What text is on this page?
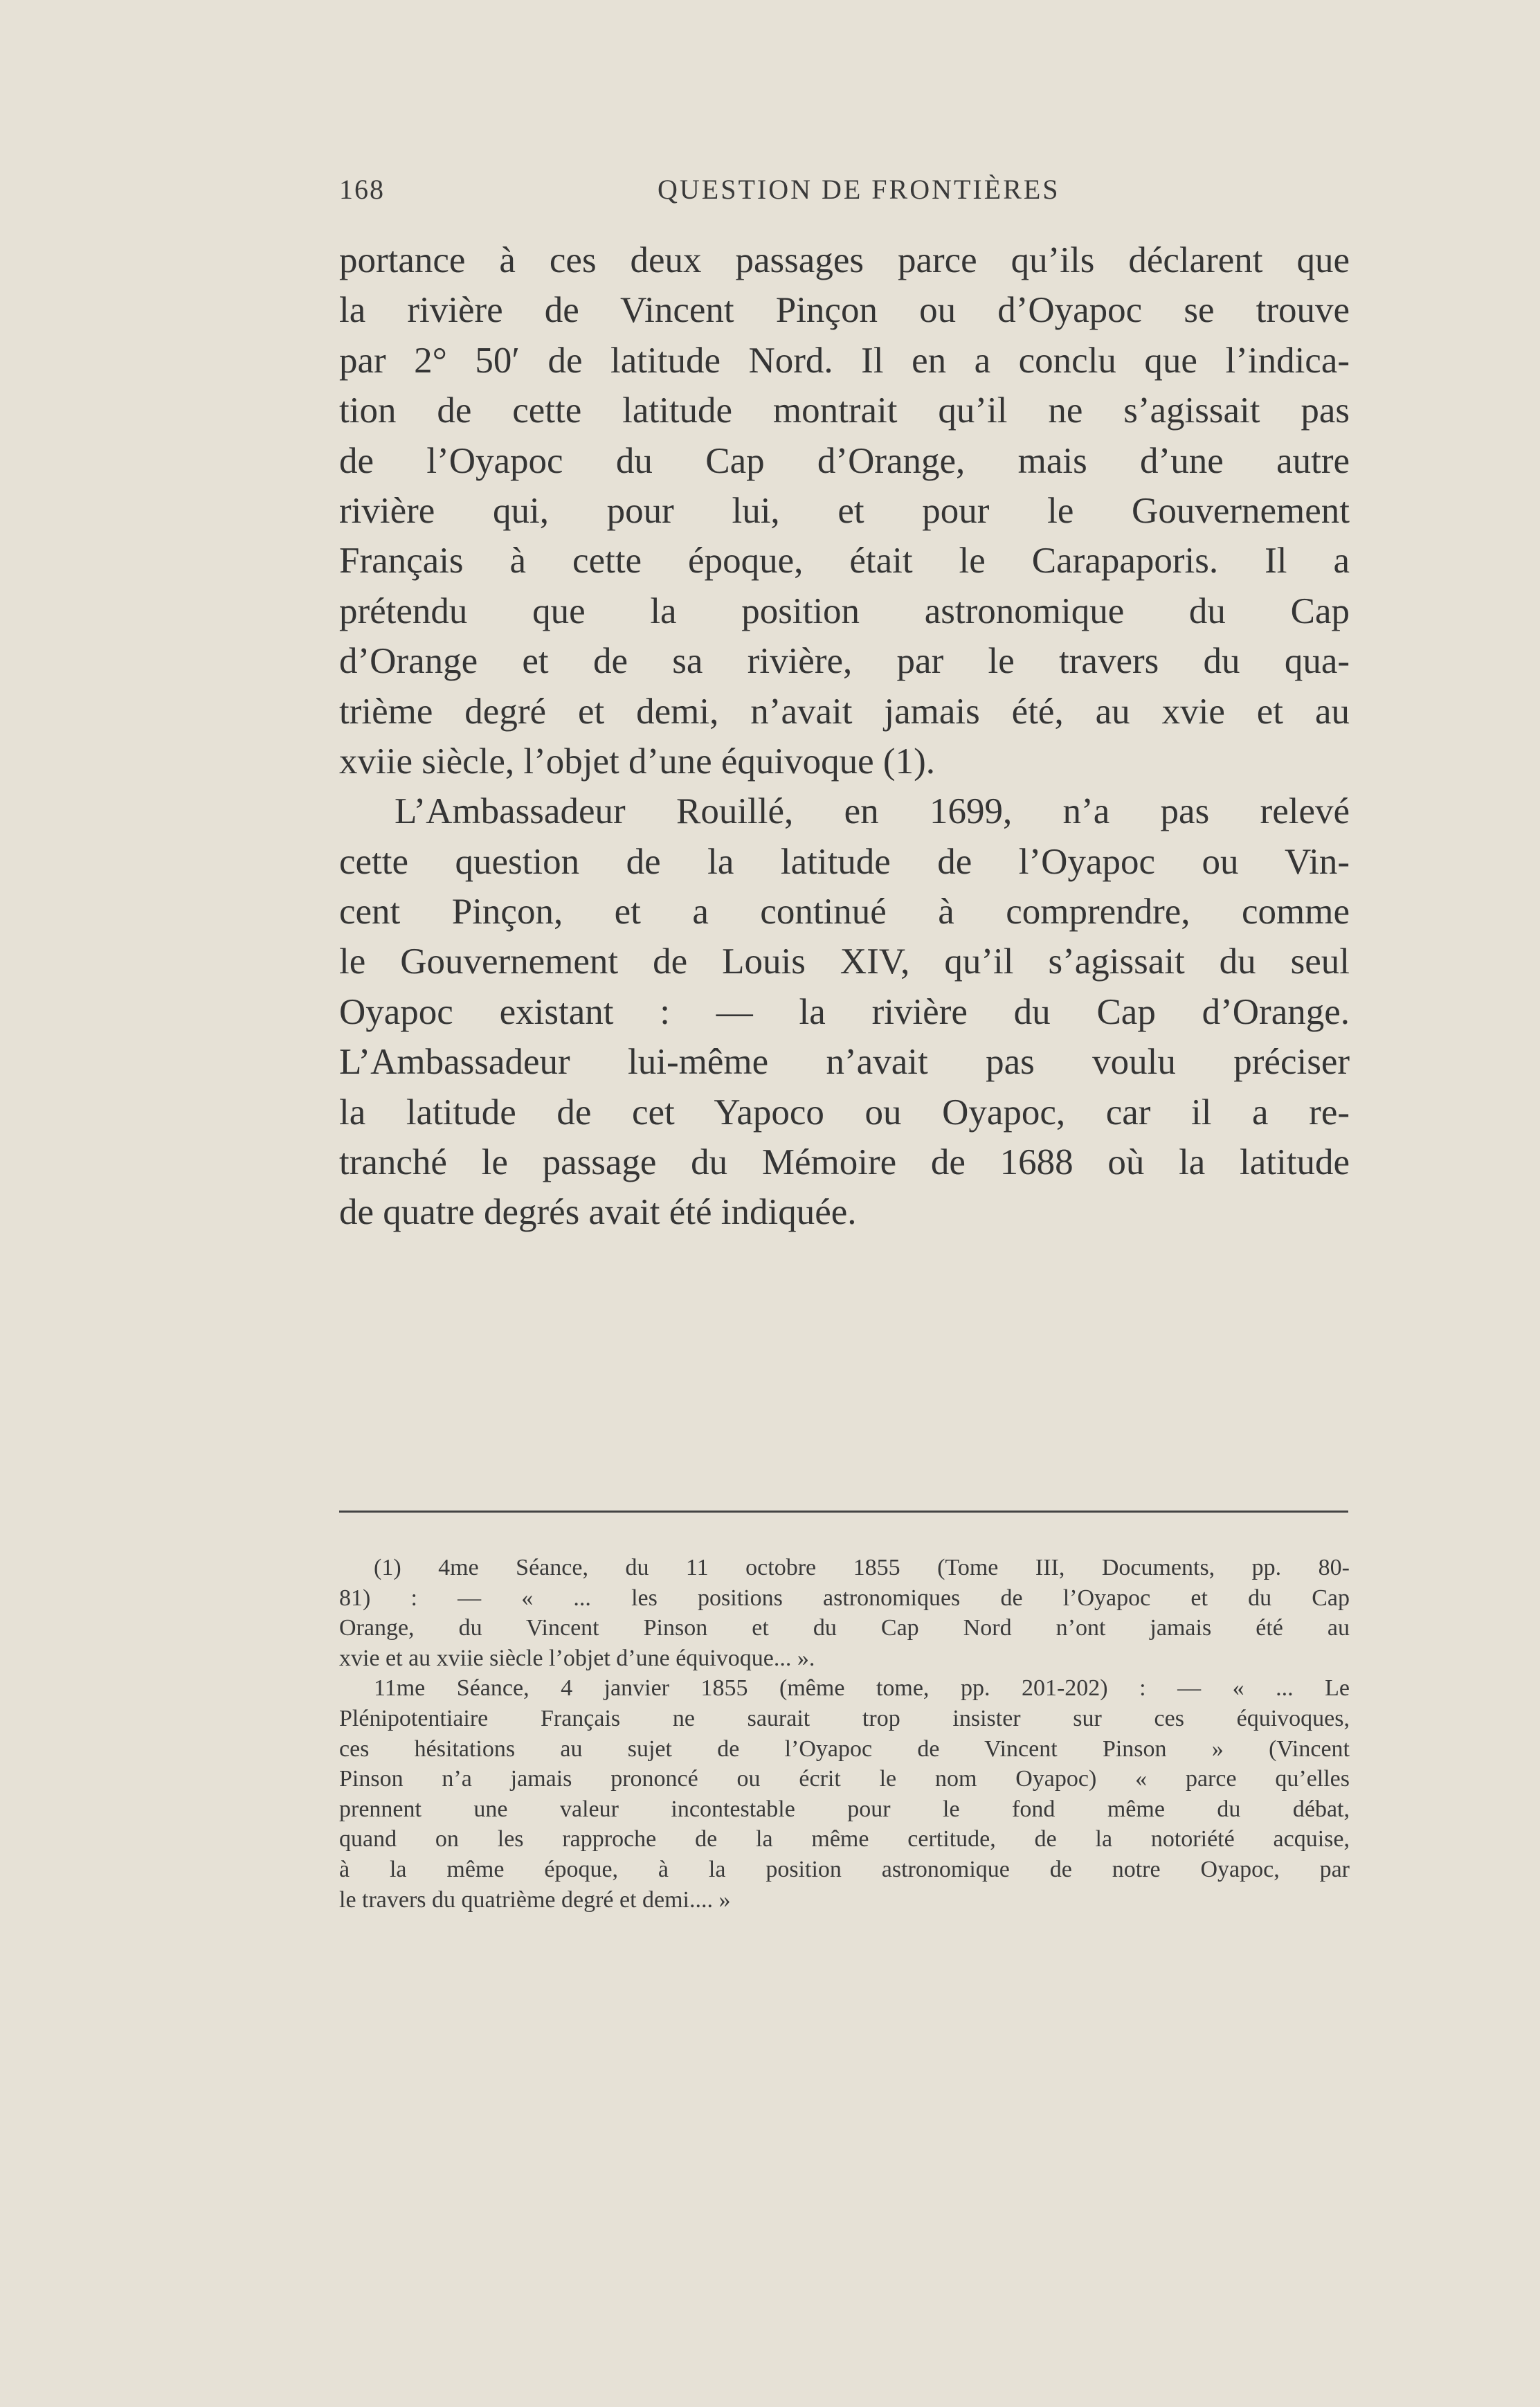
168	QUESTION DE FRONTIÈRES
portance à ces deux passages parce qu’ils déclarent que
la rivière de Vincent Pinçon ou d’Oyapoc se trouve
par 2° 50′ de latitude Nord. Il en a conclu que l’indica-
tion de cette latitude montrait qu’il ne s’agissait pas
de l’Oyapoc du Cap d’Orange, mais d’une autre
rivière qui, pour lui, et pour le Gouvernement
Français à cette époque, était le Carapaporis. Il a
prétendu que la position astronomique du Cap
d’Orange et de sa rivière, par le travers du qua-
trième degré et demi, n’avait jamais été, au xvie et au
xviie siècle, l’objet d’une équivoque (1).
L’Ambassadeur Rouillé, en 1699, n’a pas relevé
cette question de la latitude de l’Oyapoc ou Vin-
cent Pinçon, et a continué à comprendre, comme
le Gouvernement de Louis XIV, qu’il s’agissait du seul
Oyapoc existant : — la rivière du Cap d’Orange.
L’Ambassadeur lui-même n’avait pas voulu préciser
la latitude de cet Yapoco ou Oyapoc, car il a re-
tranché le passage du Mémoire de 1688 où la latitude
de quatre degrés avait été indiquée.
(1) 4me Séance, du 11 octobre 1855 (Tome III, Documents, pp. 80-
81) : — « ... les positions astronomiques de l’Oyapoc et du Cap
Orange, du Vincent Pinson et du Cap Nord n’ont jamais été au
xvie et au xviie siècle l’objet d’une équivoque... ».
11me Séance, 4 janvier 1855 (même tome, pp. 201-202) : — « ... Le
Plénipotentiaire Français ne saurait trop insister sur ces équivoques,
ces hésitations au sujet de l’Oyapoc de Vincent Pinson » (Vincent
Pinson n’a jamais prononcé ou écrit le nom Oyapoc) « parce qu’elles
prennent une valeur incontestable pour le fond même du débat,
quand on les rapproche de la même certitude, de la notoriété acquise,
à la même époque, à la position astronomique de notre Oyapoc, par
le travers du quatrième degré et demi.... »
